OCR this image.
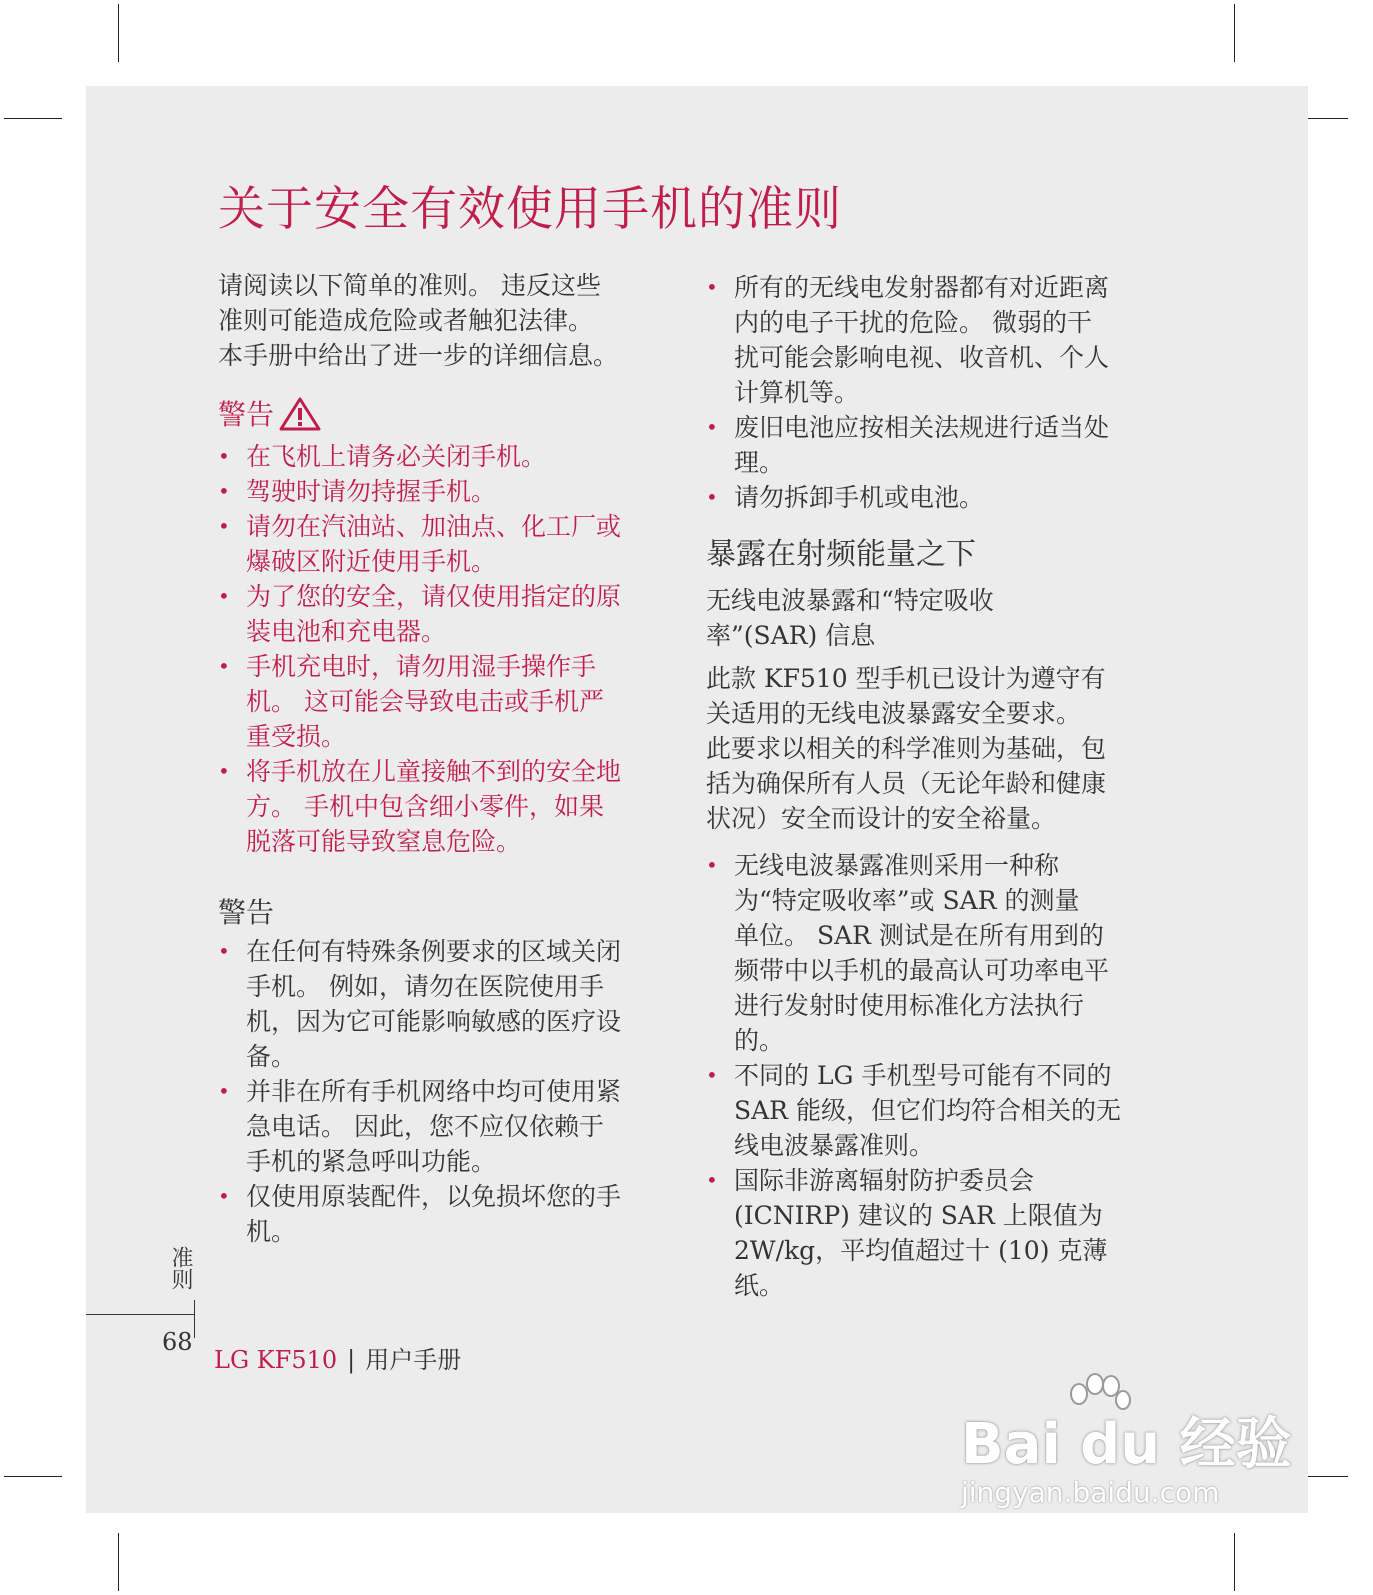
关于安全有效使用手机的准则

请阅读以下简单的准则。 违反这些

准则可能造成危险或者触犯法律。

本手册中给出了进一步的详细信息。

警告

• 在飞机上请务必关闭手机。

• 驾驶时请勿持握手机。

• 请勿在汽油站、加油点、化工厂或

爆破区附近使用手机。

• 为了您的安全，请仅使用指定的原

装电池和充电器。

• 手机充电时，请勿用湿手操作手

机。 这可能会导致电击或手机严

重受损。

• 将手机放在儿童接触不到的安全地

方。 手机中包含细小零件，如果

脱落可能导致窒息危险。

警告

• 在任何有特殊条例要求的区域关闭

手机。 例如，请勿在医院使用手

机，因为它可能影响敏感的医疗设

备。

• 并非在所有手机网络中均可使用紧

急电话。 因此，您不应仅依赖于

手机的紧急呼叫功能。

• 仅使用原装配件，以免损坏您的手

机。

• 所有的无线电发射器都有对近距离

内的电子干扰的危险。 微弱的干

扰可能会影响电视、收音机、个人

计算机等。

• 废旧电池应按相关法规进行适当处

理。

• 请勿拆卸手机或电池。

暴露在射频能量之下

无线电波暴露和“特定吸收

率”(SAR) 信息

此款 KF510 型手机已设计为遵守有

关适用的无线电波暴露安全要求。

此要求以相关的科学准则为基础，包

括为确保所有人员（无论年龄和健康

状况）安全而设计的安全裕量。

• 无线电波暴露准则采用一种称

为“特定吸收率”或 SAR 的测量

单位。 SAR 测试是在所有用到的

频带中以手机的最高认可功率电平

进行发射时使用标准化方法执行

的。

• 不同的 LG 手机型号可能有不同的

SAR 能级，但它们均符合相关的无

线电波暴露准则。

• 国际非游离辐射防护委员会

(ICNIRP) 建议的 SAR 上限值为

2W/kg，平均值超过十 (10) 克薄

纸。

准则
68
LG KF510 | 用户手册
Bai du 经验
jingyan.baidu.com
